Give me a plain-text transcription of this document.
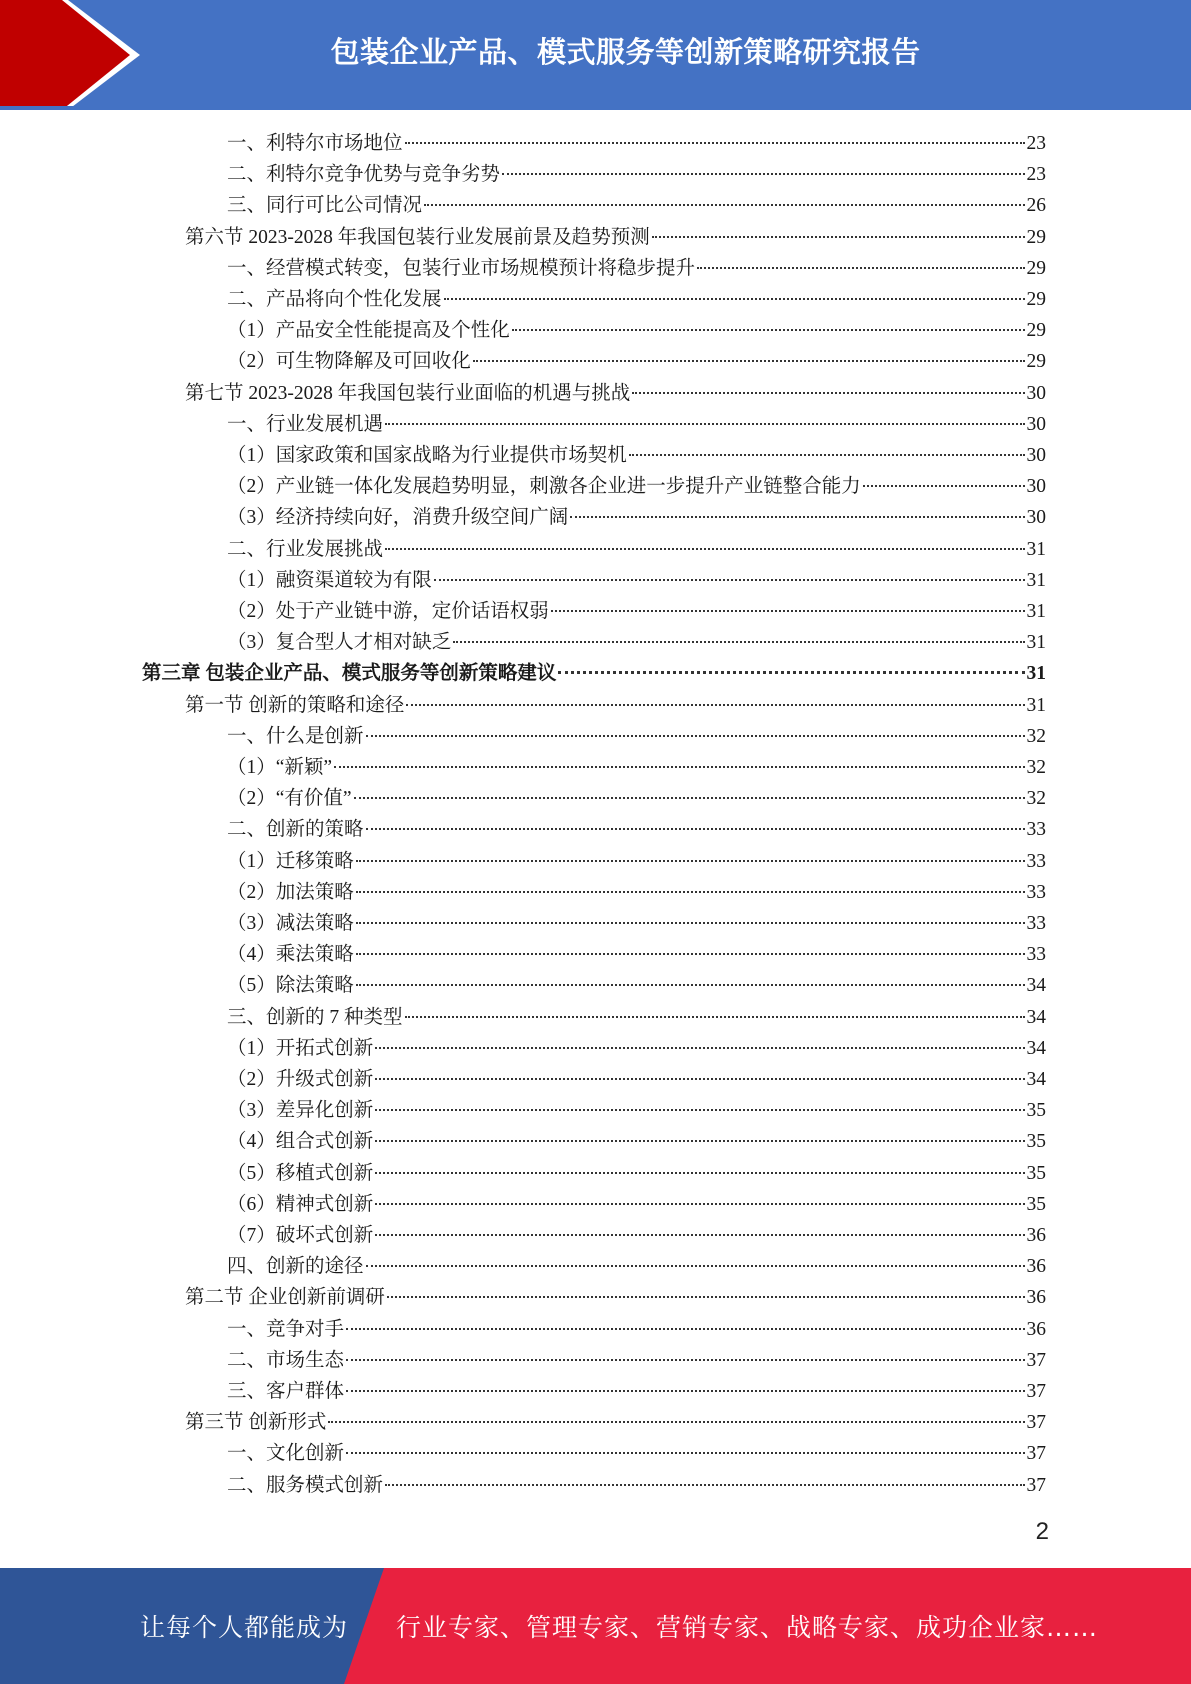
包装企业产品、模式服务等创新策略研究报告
一、利特尔市场地位	23
二、利特尔竞争优势与竞争劣势	23
三、同行可比公司情况	26
第六节 2023-2028 年我国包装行业发展前景及趋势预测	29
一、经营模式转变，包装行业市场规模预计将稳步提升	29
二、产品将向个性化发展	29
（1）产品安全性能提高及个性化	29
（2）可生物降解及可回收化	29
第七节 2023-2028 年我国包装行业面临的机遇与挑战	30
一、行业发展机遇	30
（1）国家政策和国家战略为行业提供市场契机	30
（2）产业链一体化发展趋势明显，刺激各企业进一步提升产业链整合能力	30
（3）经济持续向好，消费升级空间广阔	30
二、行业发展挑战	31
（1）融资渠道较为有限	31
（2）处于产业链中游，定价话语权弱	31
（3）复合型人才相对缺乏	31
第三章 包装企业产品、模式服务等创新策略建议	31
第一节 创新的策略和途径	31
一、什么是创新	32
（1）“新颖”	32
（2）“有价值”	32
二、创新的策略	33
（1）迁移策略	33
（2）加法策略	33
（3）减法策略	33
（4）乘法策略	33
（5）除法策略	34
三、创新的 7 种类型	34
（1）开拓式创新	34
（2）升级式创新	34
（3）差异化创新	35
（4）组合式创新	35
（5）移植式创新	35
（6）精神式创新	35
（7）破坏式创新	36
四、创新的途径	36
第二节 企业创新前调研	36
一、竞争对手	36
二、市场生态	37
三、客户群体	37
第三节 创新形式	37
一、文化创新	37
二、服务模式创新	37
2
让每个人都能成为 行业专家、管理专家、营销专家、战略专家、成功企业家……
